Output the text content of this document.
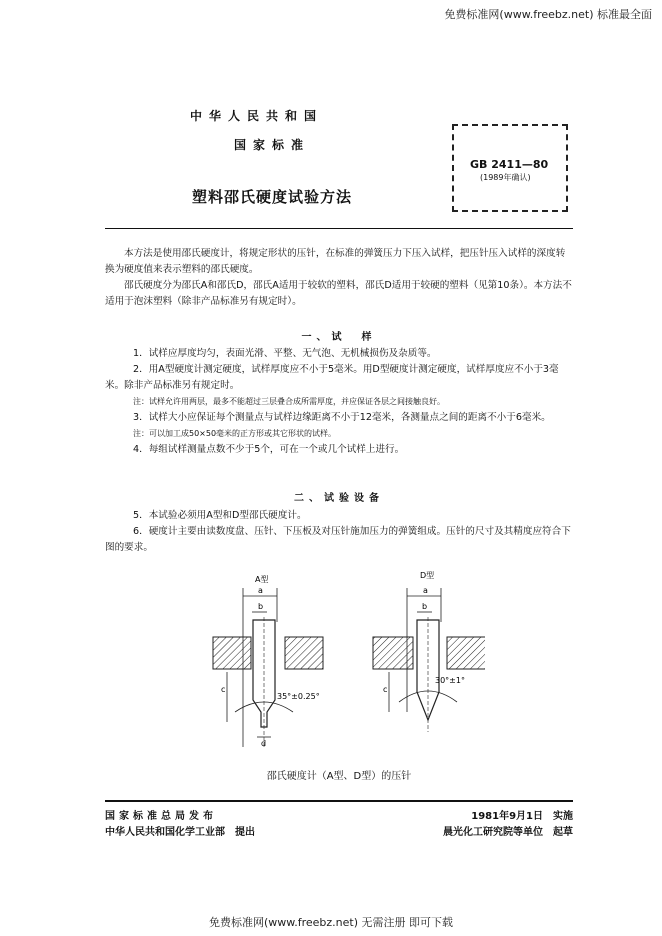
免费标准网(www.freebz.net) 标准最全面
中华人民共和国
国家标准
塑料邵氏硬度试验方法
GB 2411—80
(1989年确认)
本方法是使用邵氏硬度计，将规定形状的压针，在标准的弹簧压力下压入试样，把压针压入试样的深度转换为硬度值来表示塑料的邵氏硬度。
邵氏硬度分为邵氏A和邵氏D，邵氏A适用于较软的塑料，邵氏D适用于较硬的塑料（见第10条）。本方法不适用于泡沫塑料（除非产品标准另有规定时）。
一、试　样
1．试样应厚度均匀，表面光滑、平整、无气泡、无机械损伤及杂质等。
2．用A型硬度计测定硬度，试样厚度应不小于5毫米。用D型硬度计测定硬度，试样厚度应不小于3毫米。除非产品标准另有规定时。
注：试样允许用两层，最多不能超过三层叠合成所需厚度，并应保证各层之间接触良好。
3．试样大小应保证每个测量点与试样边缘距离不小于12毫米，各测量点之间的距离不小于6毫米。
注：可以加工成50×50毫米的正方形或其它形状的试样。
4．每组试样测量点数不少于5个，可在一个或几个试样上进行。
二、试验设备
5．本试验必须用A型和D型邵氏硬度计。
6．硬度计主要由读数度盘、压针、下压板及对压针施加压力的弹簧组成。压针的尺寸及其精度应符合下图的要求。
A型	D型
a
b
c
35°±0.25°
d
a
b
c
30°±1°
邵氏硬度计（A型、D型）的压针
国家标准总局发布	1981年9月1日　实施
中华人民共和国化学工业部　提出	晨光化工研究院等单位　起草
免费标准网(www.freebz.net) 无需注册 即可下载
